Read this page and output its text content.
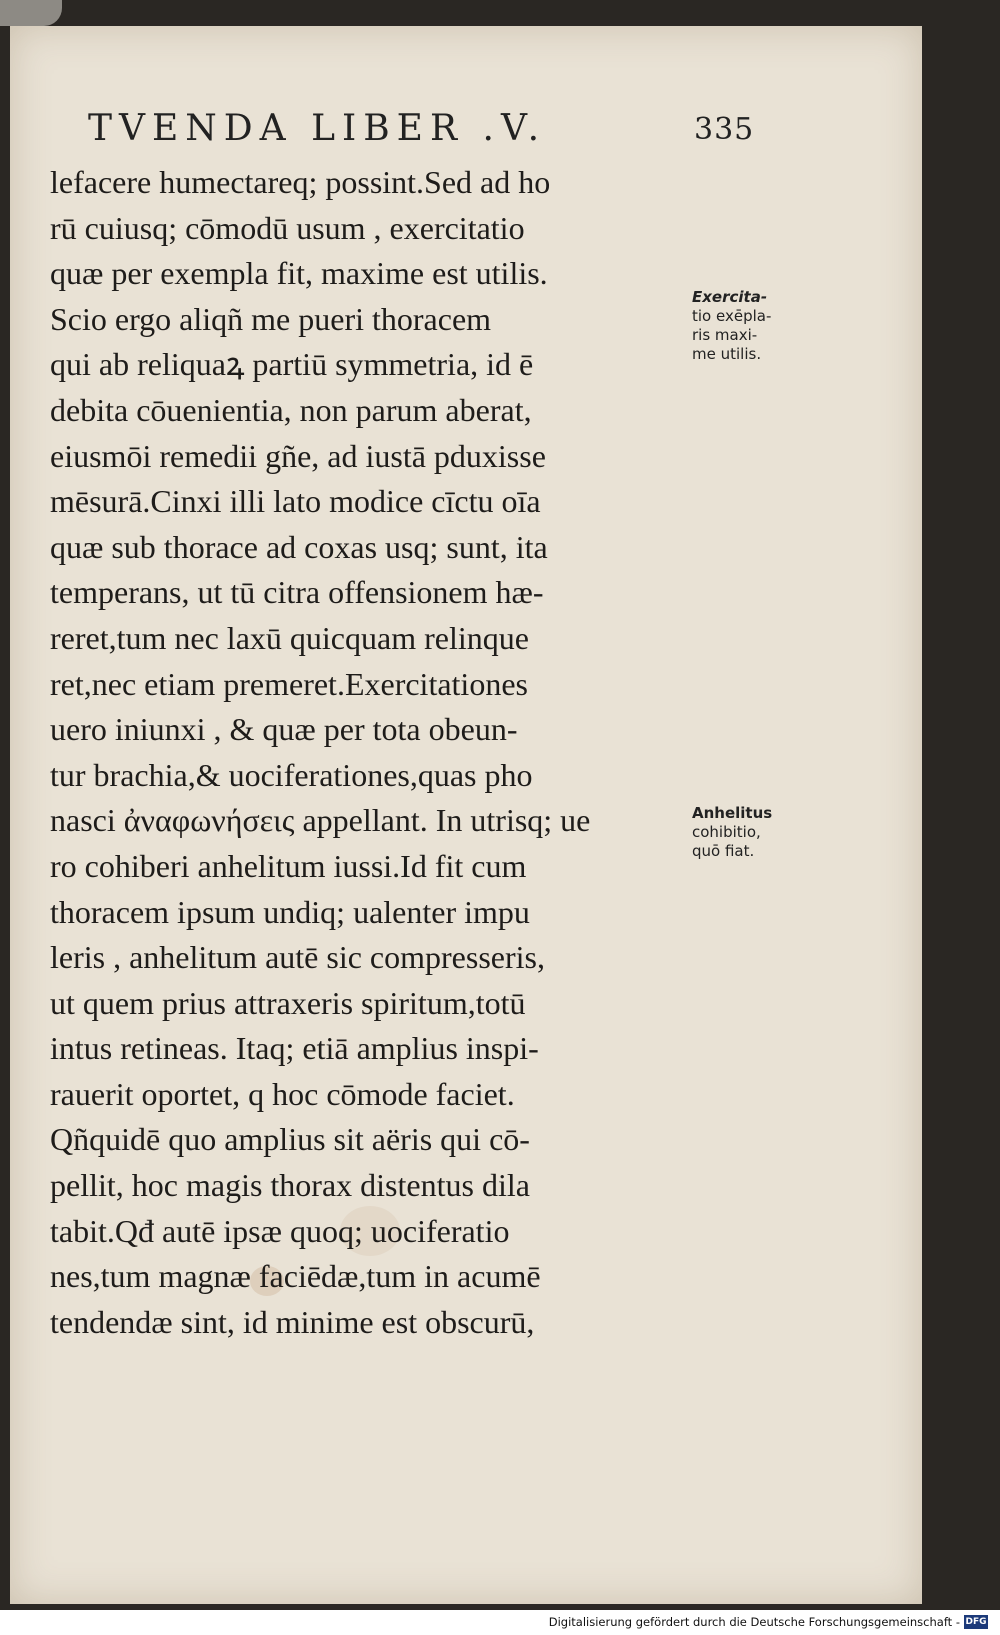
TVENDA LIBER .V.	335
lefacere humectareq; possint.Sed ad ho
rū cuiusq; cōmodū usum , exercitatio
quæ per exempla fit, maxime est utilis.
Scio ergo aliqñ me pueri thoracem
qui ab reliquaꝝ partiū symmetria, id ē
debita cōuenientia, non parum aberat,
eiusmōi remedii gñe, ad iustā pduxisse
mēsurā.Cinxi illi lato modice cīctu oīa
quæ sub thorace ad coxas usq; sunt, ita
temperans, ut tū citra offensionem hæ-
reret,tum nec laxū quicquam relinque
ret,nec etiam premeret.Exercitationes
uero iniunxi , & quæ per tota obeun-
tur brachia,& uociferationes,quas pho
nasci ἀναφωνήσεις appellant. In utrisq; ue
ro cohiberi anhelitum iussi.Id fit cum
thoracem ipsum undiq; ualenter impu
leris , anhelitum autē sic compresseris,
ut quem prius attraxeris spiritum,totū
intus retineas. Itaq; etiā amplius inspi-
rauerit oportet, q hoc cōmode faciet.
Qñquidē quo amplius sit aëris qui cō-
pellit, hoc magis thorax distentus dila
tabit.Qđ autē ipsæ quoq; uociferatio
nes,tum magnæ faciēdæ,tum in acumē
tendendæ sint, id minime est obscurū,
Exercita-
tio exēpla-
ris maxi-
me utilis.
Anhelitus
cohibitio,
quō fiat.
Digitalisierung gefördert durch die Deutsche Forschungsgemeinschaft - DFG
